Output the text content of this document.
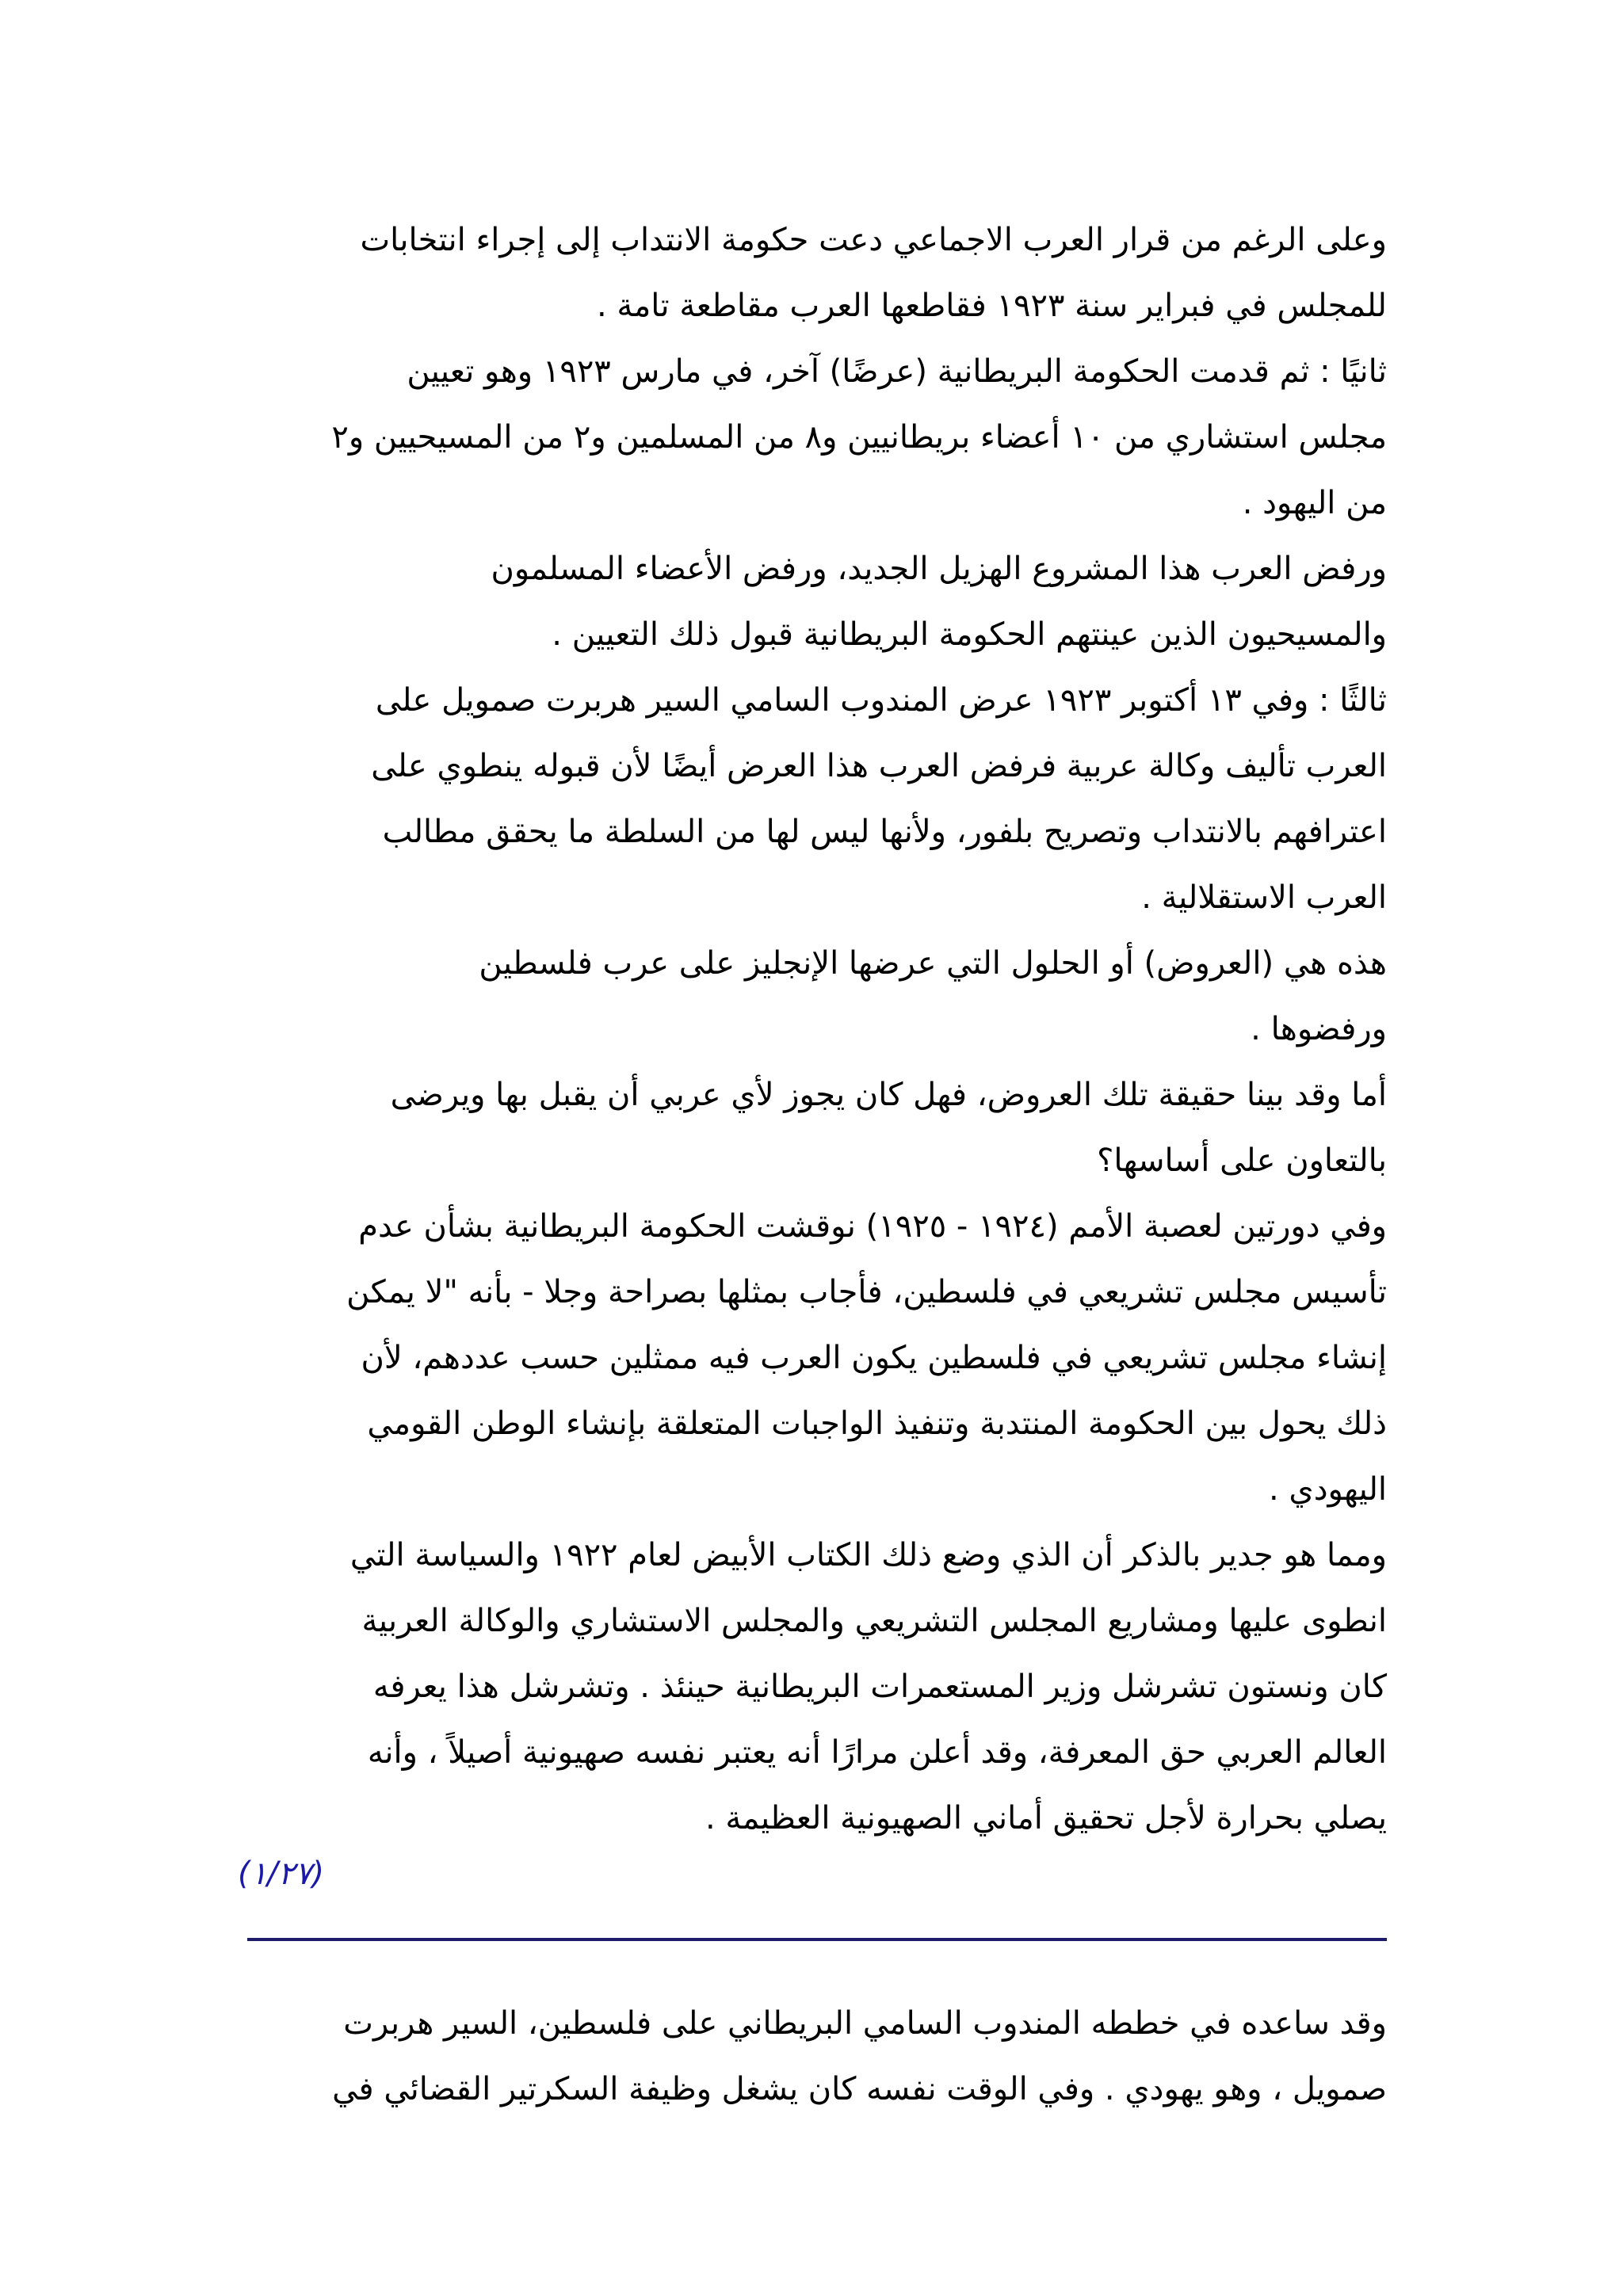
وعلى الرغم من قرار العرب الاجماعي دعت حكومة الانتداب إلى إجراء انتخابات
للمجلس في فبراير سنة ١٩٢٣ فقاطعها العرب مقاطعة تامة .

ثانيًا : ثم قدمت الحكومة البريطانية (عرضًا) آخر، في مارس ١٩٢٣ وهو تعيين
مجلس استشاري من ١٠ أعضاء بريطانيين و٨ من المسلمين و٢ من المسيحيين و٢
من اليهود .

ورفض العرب هذا المشروع الهزيل الجديد، ورفض الأعضاء المسلمون
والمسيحيون الذين عينتهم الحكومة البريطانية قبول ذلك التعيين .

ثالثًا : وفي ١٣ أكتوبر ١٩٢٣ عرض المندوب السامي السير هربرت صمويل على
العرب تأليف وكالة عربية فرفض العرب هذا العرض أيضًا لأن قبوله ينطوي على
اعترافهم بالانتداب وتصريح بلفور، ولأنها ليس لها من السلطة ما يحقق مطالب
العرب الاستقلالية .

هذه هي (العروض) أو الحلول التي عرضها الإنجليز على عرب فلسطين
ورفضوها .

أما وقد بينا حقيقة تلك العروض، فهل كان يجوز لأي عربي أن يقبل بها ويرضى
بالتعاون على أساسها؟

وفي دورتين لعصبة الأمم (١٩٢٤ - ١٩٢٥) نوقشت الحكومة البريطانية بشأن عدم
تأسيس مجلس تشريعي في فلسطين، فأجاب بمثلها بصراحة وجلا - بأنه "لا يمكن
إنشاء مجلس تشريعي في فلسطين يكون العرب فيه ممثلين حسب عددهم، لأن
ذلك يحول بين الحكومة المنتدبة وتنفيذ الواجبات المتعلقة بإنشاء الوطن القومي
اليهودي .

ومما هو جدير بالذكر أن الذي وضع ذلك الكتاب الأبيض لعام ١٩٢٢ والسياسة التي
انطوى عليها ومشاريع المجلس التشريعي والمجلس الاستشاري والوكالة العربية
كان ونستون تشرشل وزير المستعمرات البريطانية حينئذ . وتشرشل هذا يعرفه
العالم العربي حق المعرفة، وقد أعلن مرارًا أنه يعتبر نفسه صهيونية أصيلاً ، وأنه
يصلي بحرارة لأجل تحقيق أماني الصهيونية العظيمة .

(١/٢٧)

وقد ساعده في خططه المندوب السامي البريطاني على فلسطين، السير هربرت
صمويل ، وهو يهودي . وفي الوقت نفسه كان يشغل وظيفة السكرتير القضائي في
